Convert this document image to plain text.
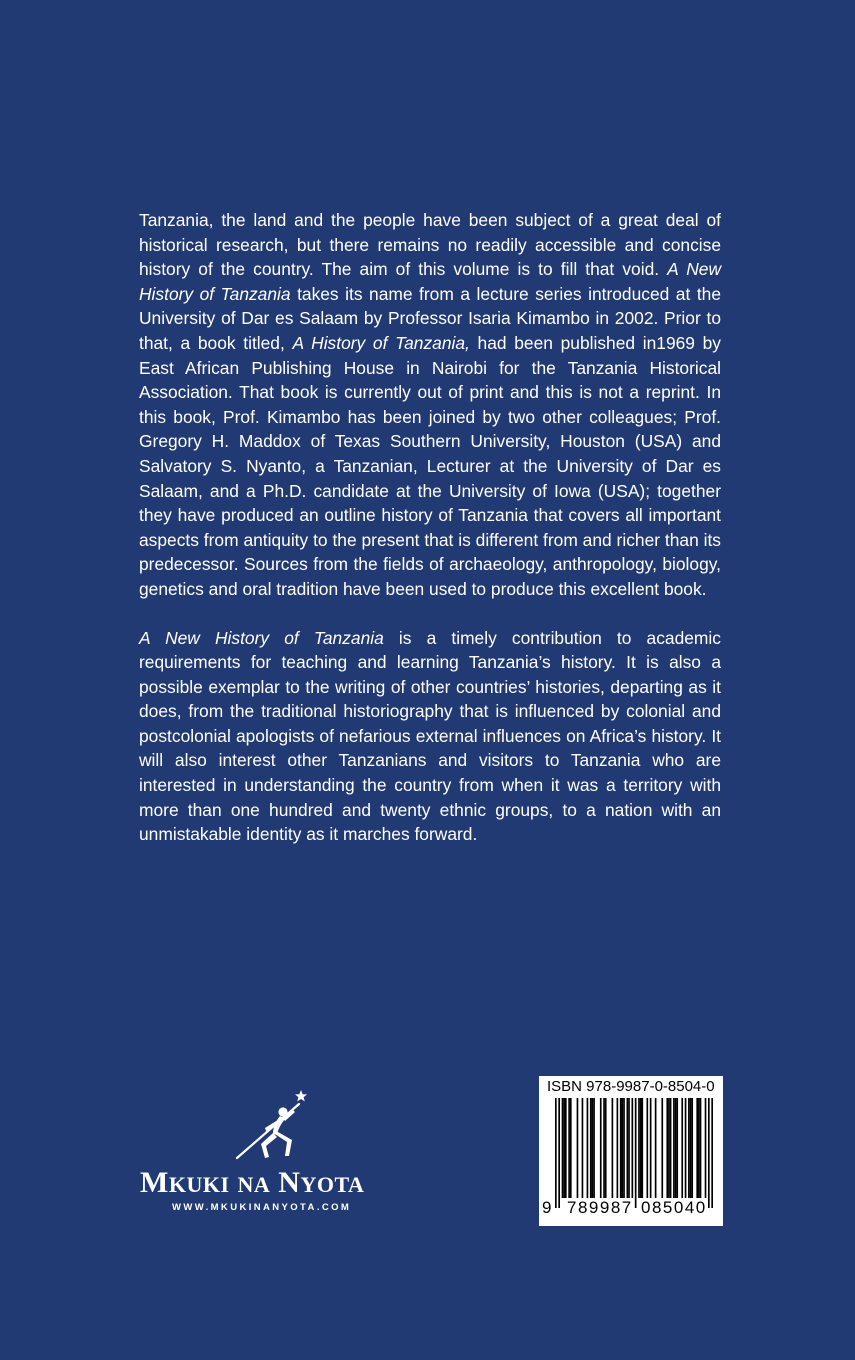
Tanzania, the land and the people have been subject of a great deal of historical research, but there remains no readily accessible and concise history of the country. The aim of this volume is to fill that void. A New History of Tanzania takes its name from a lecture series introduced at the University of Dar es Salaam by Professor Isaria Kimambo in 2002. Prior to that, a book titled, A History of Tanzania, had been published in1969 by East African Publishing House in Nairobi for the Tanzania Historical Association. That book is currently out of print and this is not a reprint. In this book, Prof. Kimambo has been joined by two other colleagues; Prof. Gregory H. Maddox of Texas Southern University, Houston (USA) and Salvatory S. Nyanto, a Tanzanian, Lecturer at the University of Dar es Salaam, and a Ph.D. candidate at the University of Iowa (USA); together they have produced an outline history of Tanzania that covers all important aspects from antiquity to the present that is different from and richer than its predecessor. Sources from the fields of archaeology, anthropology, biology, genetics and oral tradition have been used to produce this excellent book.

A New History of Tanzania is a timely contribution to academic requirements for teaching and learning Tanzania’s history. It is also a possible exemplar to the writing of other countries’ histories, departing as it does, from the traditional historiography that is influenced by colonial and postcolonial apologists of nefarious external influences on Africa’s history. It will also interest other Tanzanians and visitors to Tanzania who are interested in understanding the country from when it was a territory with more than one hundred and twenty ethnic groups, to a nation with an unmistakable identity as it marches forward.

MKUKI NA NYOTA
WWW.MKUKINANYOTA.COM
ISBN 978-9987-0-8504-0
9 789987 085040
